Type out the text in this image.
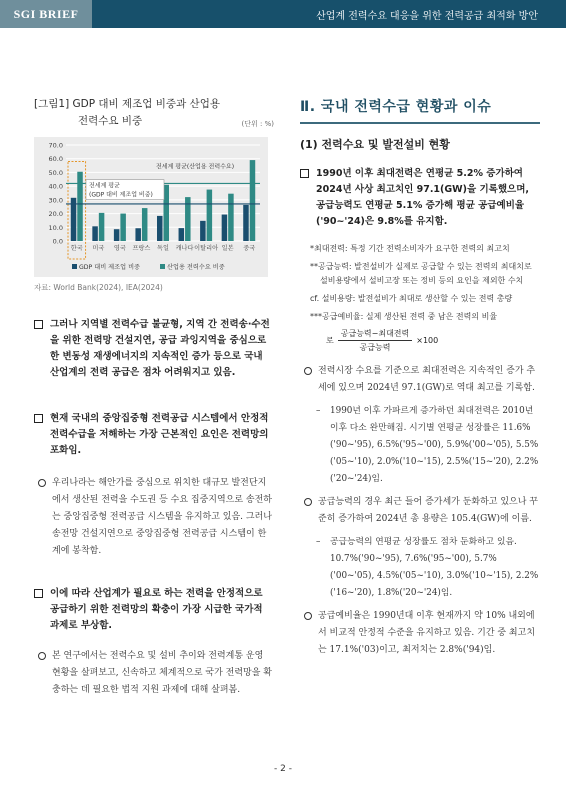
SGI BRIEF	산업계 전력수요 대응을 위한 전력공급 최적화 방안
[그림1] GDP 대비 제조업 비중과 산업용
전력수요 비중	(단위 : %)
0.0
10.0
20.0
30.0
40.0
50.0
60.0
70.0
한국 미국 영국 프랑스 독일 캐나다 이탈리아 일본 중국
전세계 평균(산업용 전력수요)
전세계 평균
(GDP 대비 제조업 비중)
GDP 대비 제조업 비중	산업용 전력수요 비중
자료: World Bank(2024), IEA(2024)
그러나 지역별 전력수급 불균형, 지역 간 전력송·수전을 위한 전력망 건설지연, 공급 과잉지역을 중심으로 한 변동성 재생에너지의 지속적인 증가 등으로 국내 산업계의 전력 공급은 점차 어려워지고 있음.
현재 국내의 중앙집중형 전력공급 시스템에서 안정적 전력수급을 저해하는 가장 근본적인 요인은 전력망의 포화임.
우리나라는 해안가를 중심으로 위치한 대규모 발전단지에서 생산된 전력을 수도권 등 수요 집중지역으로 송전하는 중앙집중형 전력공급 시스템을 유지하고 있음. 그러나 송전망 건설지연으로 중앙집중형 전력공급 시스템이 한계에 봉착함.
이에 따라 산업계가 필요로 하는 전력을 안정적으로 공급하기 위한 전력망의 확충이 가장 시급한 국가적 과제로 부상함.
본 연구에서는 전력수요 및 설비 추이와 전력계통 운영 현황을 살펴보고, 신속하고 체계적으로 국가 전력망을 확충하는 데 필요한 법적 지원 과제에 대해 살펴봄.
Ⅱ. 국내 전력수급 현황과 이슈
(1) 전력수요 및 발전설비 현황
1990년 이후 최대전력은 연평균 5.2% 증가하여 2024년 사상 최고치인 97.1(GW)을 기록했으며, 공급능력도 연평균 5.1% 증가해 평균 공급예비율('90~'24)은 9.8%를 유지함.
*최대전력: 특정 기간 전력소비자가 요구한 전력의 최고치
**공급능력: 발전설비가 실제로 공급할 수 있는 전력의 최대치로 설비용량에서 설비고장 또는 정비 등의 요인을 제외한 수치
cf. 설비용량: 발전설비가 최대로 생산할 수 있는 전력 총량
***공급예비율: 실제 생산된 전력 중 남은 전력의 비율
로 $\frac{\text{공급능력−최대전력}}{\text{공급능력}} \times 100$
전력시장 수요를 기준으로 최대전력은 지속적인 증가 추세에 있으며 2024년 97.1(GW)로 역대 최고를 기록함.
– 1990년 이후 가파르게 증가하던 최대전력은 2010년 이후 다소 완만해짐. 시기별 연평균 성장률은 11.6%('90~'95), 6.5%('95~'00), 5.9%('00~'05), 5.5%('05~'10), 2.0%('10~'15), 2.5%('15~'20), 2.2%('20~'24)임.
공급능력의 경우 최근 들어 증가세가 둔화하고 있으나 꾸준히 증가하여 2024년 총 용량은 105.4(GW)에 이름.
– 공급능력의 연평균 성장률도 점차 둔화하고 있음. 10.7%('90~'95), 7.6%('95~'00), 5.7%('00~'05), 4.5%('05~'10), 3.0%('10~'15), 2.2%('16~'20), 1.8%('20~'24)임.
공급예비율은 1990년대 이후 현재까지 약 10% 내외에서 비교적 안정적 수준을 유지하고 있음. 기간 중 최고치는 17.1%('03)이고, 최저치는 2.8%('94)임.
- 2 -
